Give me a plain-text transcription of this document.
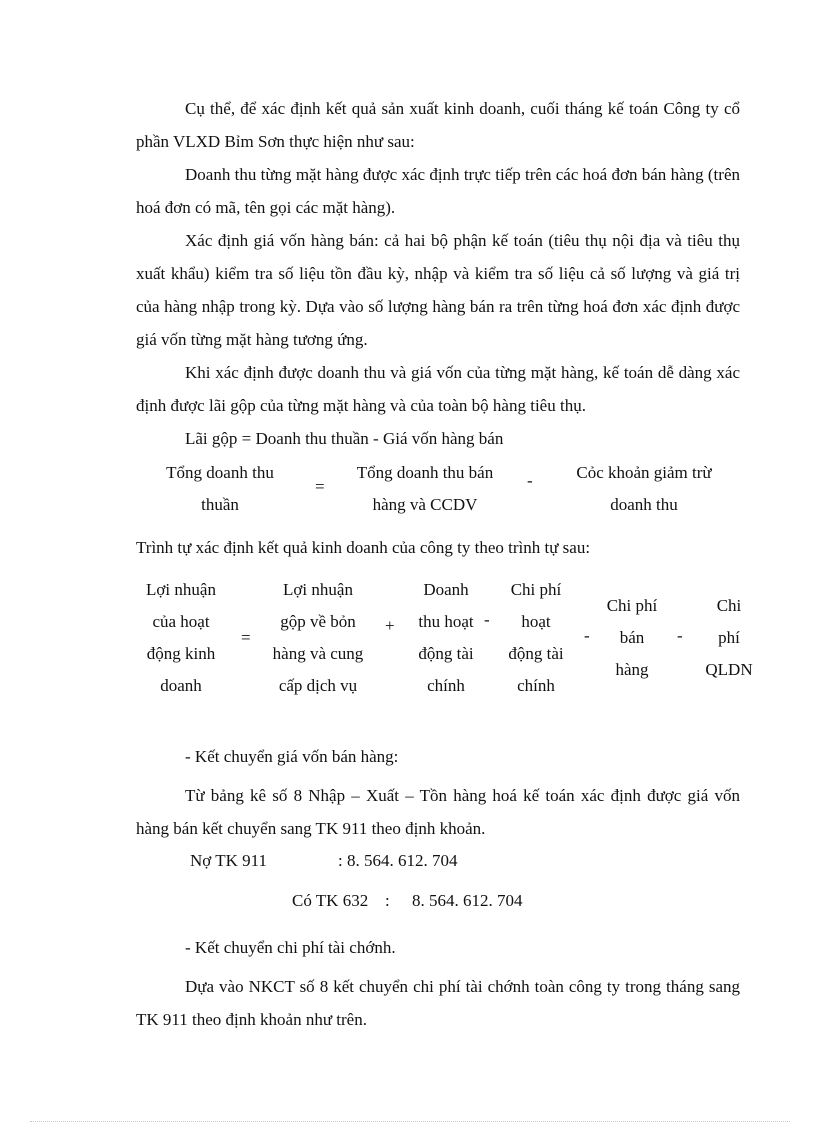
Cụ thể, để xác định kết quả sản xuất kinh doanh, cuối tháng kế toán Công ty cổ phần VLXD Bỉm Sơn thực hiện như sau:

Doanh thu từng mặt hàng được xác định trực tiếp trên các hoá đơn bán hàng (trên hoá đơn có mã, tên gọi các mặt hàng).

Xác định giá vốn hàng bán: cả hai bộ phận kế toán (tiêu thụ nội địa và tiêu thụ xuất khẩu) kiểm tra số liệu tồn đầu kỳ, nhập và kiểm tra số liệu cả số lượng và giá trị của hàng nhập trong kỳ. Dựa vào số lượng hàng bán ra trên từng hoá đơn xác định được giá vốn từng mặt hàng tương ứng.

Khi xác định được doanh thu và giá vốn của từng mặt hàng, kế toán dễ dàng xác định được lãi gộp của từng mặt hàng và của toàn bộ hàng tiêu thụ.

Lãi gộp = Doanh thu thuần - Giá vốn hàng bán

Tổng doanh thu
thuần
=
Tổng doanh thu bán
hàng và CCDV
-	Cỏc khoản giảm trừ
doanh thu

Trình tự xác định kết quả kinh doanh của công ty theo trình tự sau:

Lợi nhuận
của hoạt
động kinh
doanh
=
Lợi nhuận
gộp về bỏn
hàng và cung
cấp dịch vụ
+
Doanh
thu hoạt
động tài
chính
-
Chi phí
hoạt
động tài
chính
-
Chi phí
bán
hàng
-
Chi
phí
QLDN

- Kết chuyển giá vốn bán hàng:

Từ bảng kê số 8 Nhập – Xuất – Tồn hàng hoá kế toán xác định được giá vốn hàng bán kết chuyển sang TK 911 theo định khoản.

Nợ TK 911	: 8. 564. 612. 704
Có TK 632 : 8. 564. 612. 704

- Kết chuyển chi phí tài chớnh.

Dựa vào NKCT số 8 kết chuyển chi phí tài chớnh toàn công ty trong tháng sang TK 911 theo định khoản như trên.
